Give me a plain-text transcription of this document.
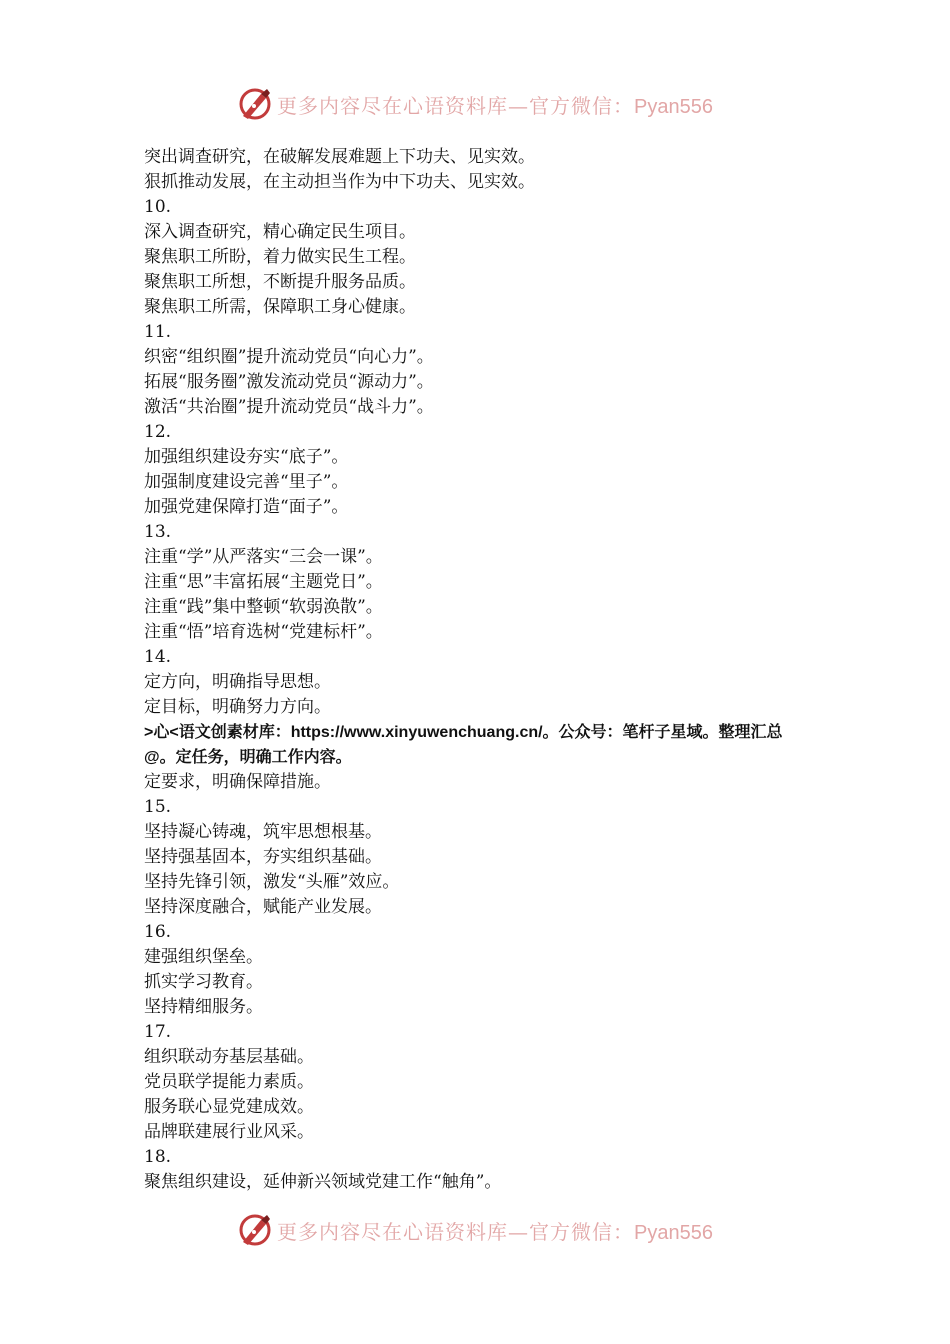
更多内容尽在心语资料库—官方微信：Pyan556
突出调查研究，在破解发展难题上下功夫、见实效。
狠抓推动发展，在主动担当作为中下功夫、见实效。
10.
深入调查研究，精心确定民生项目。
聚焦职工所盼，着力做实民生工程。
聚焦职工所想，不断提升服务品质。
聚焦职工所需，保障职工身心健康。
11.
织密“组织圈”提升流动党员“向心力”。
拓展“服务圈”激发流动党员“源动力”。
激活“共治圈”提升流动党员“战斗力”。
12.
加强组织建设夯实“底子”。
加强制度建设完善“里子”。
加强党建保障打造“面子”。
13.
注重“学”从严落实“三会一课”。
注重“思”丰富拓展“主题党日”。
注重“践”集中整顿“软弱涣散”。
注重“悟”培育选树“党建标杆”。
14.
定方向，明确指导思想。
定目标，明确努力方向。
>心<语文创素材库：https://www.xinyuwenchuang.cn/。公众号：笔杆子星域。整理汇总@。定任务，明确工作内容。
定要求，明确保障措施。
15.
坚持凝心铸魂，筑牢思想根基。
坚持强基固本，夯实组织基础。
坚持先锋引领，激发“头雁”效应。
坚持深度融合，赋能产业发展。
16.
建强组织堡垒。
抓实学习教育。
坚持精细服务。
17.
组织联动夯基层基础。
党员联学提能力素质。
服务联心显党建成效。
品牌联建展行业风采。
18.
聚焦组织建设，延伸新兴领域党建工作“触角”。
更多内容尽在心语资料库—官方微信：Pyan556
